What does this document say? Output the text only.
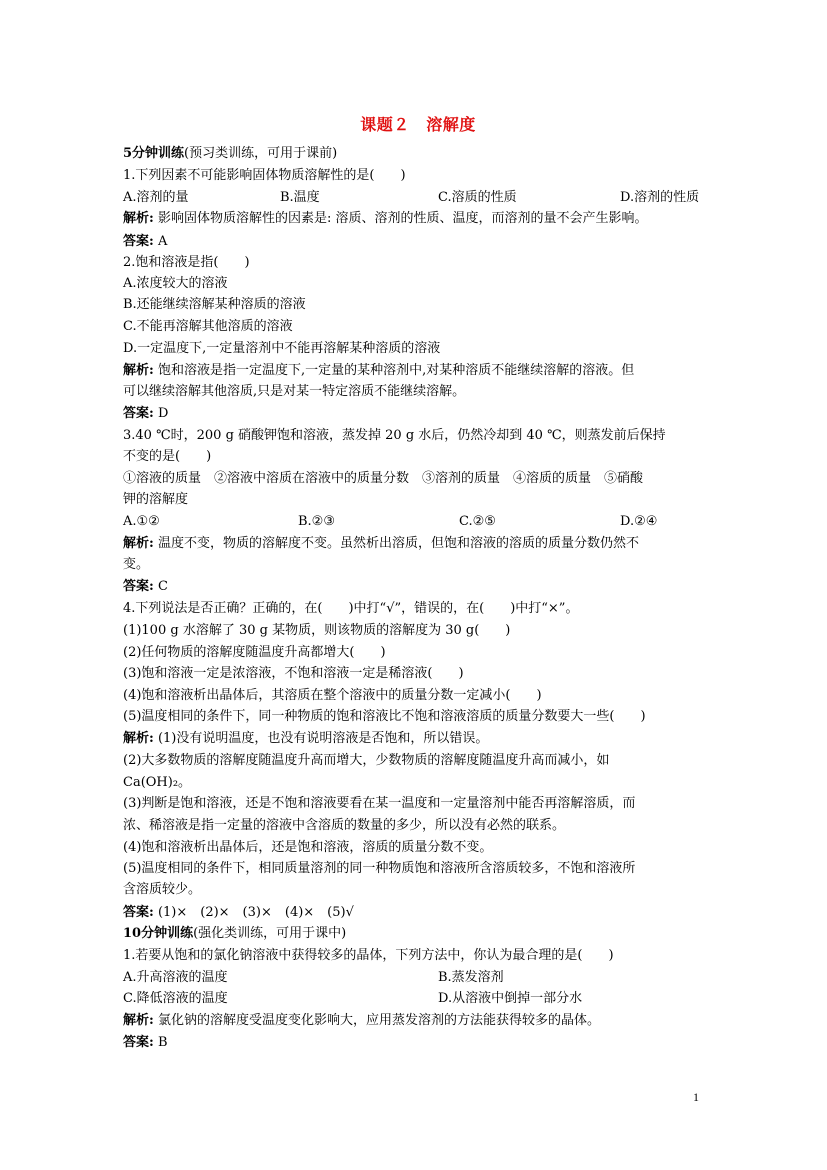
课题２　溶解度
5分钟训练(预习类训练，可用于课前)
1.下列因素不可能影响固体物质溶解性的是(　　)
A.溶剂的量	B.温度	C.溶质的性质	D.溶剂的性质
解析: 影响固体物质溶解性的因素是: 溶质、溶剂的性质、温度，而溶剂的量不会产生影响。
答案: A
2.饱和溶液是指(　　)
A.浓度较大的溶液
B.还能继续溶解某种溶质的溶液
C.不能再溶解其他溶质的溶液
D.一定温度下,一定量溶剂中不能再溶解某种溶质的溶液
解析: 饱和溶液是指一定温度下,一定量的某种溶剂中,对某种溶质不能继续溶解的溶液。但
可以继续溶解其他溶质,只是对某一特定溶质不能继续溶解。
答案: D
3.40 ℃时，200 g 硝酸钾饱和溶液，蒸发掉 20 g 水后，仍然冷却到 40 ℃，则蒸发前后保持
不变的是(　　)
①溶液的质量　②溶液中溶质在溶液中的质量分数　③溶剂的质量　④溶质的质量　⑤硝酸
钾的溶解度
A.①②	B.②③	C.②⑤	D.②④
解析: 温度不变，物质的溶解度不变。虽然析出溶质，但饱和溶液的溶质的质量分数仍然不
变。
答案: C
4.下列说法是否正确？正确的，在(　　)中打“√”，错误的，在(　　)中打“×”。
(1)100 g 水溶解了 30 g 某物质，则该物质的溶解度为 30 g(　　)
(2)任何物质的溶解度随温度升高都增大(　　)
(3)饱和溶液一定是浓溶液，不饱和溶液一定是稀溶液(　　)
(4)饱和溶液析出晶体后，其溶质在整个溶液中的质量分数一定减小(　　)
(5)温度相同的条件下，同一种物质的饱和溶液比不饱和溶液溶质的质量分数要大一些(　　)
解析: (1)没有说明温度，也没有说明溶液是否饱和，所以错误。
(2)大多数物质的溶解度随温度升高而增大，少数物质的溶解度随温度升高而减小，如
Ca(OH)₂。
(3)判断是饱和溶液，还是不饱和溶液要看在某一温度和一定量溶剂中能否再溶解溶质，而
浓、稀溶液是指一定量的溶液中含溶质的数量的多少，所以没有必然的联系。
(4)饱和溶液析出晶体后，还是饱和溶液，溶质的质量分数不变。
(5)温度相同的条件下，相同质量溶剂的同一种物质饱和溶液所含溶质较多，不饱和溶液所
含溶质较少。
答案: (1)×　(2)×　(3)×　(4)×　(5)√
10分钟训练(强化类训练，可用于课中)
1.若要从饱和的氯化钠溶液中获得较多的晶体，下列方法中，你认为最合理的是(　　)
A.升高溶液的温度	B.蒸发溶剂
C.降低溶液的温度	D.从溶液中倒掉一部分水
解析: 氯化钠的溶解度受温度变化影响大，应用蒸发溶剂的方法能获得较多的晶体。
答案: B
1
